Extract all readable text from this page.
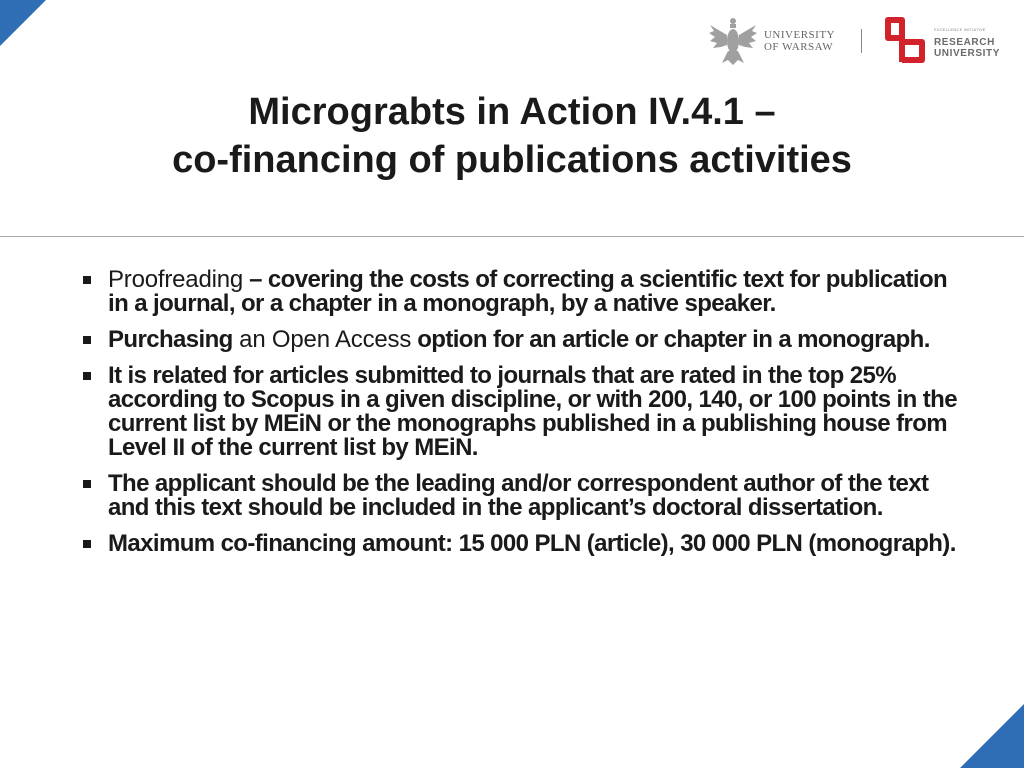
UNIVERSITY
OF WARSAW
EXCELLENCE INITIATIVE
RESEARCH
UNIVERSITY
Micrograbts in Action IV.4.1 –
co-financing of publications activities
Proofreading – covering the costs of correcting a scientific text for publication in a journal, or a chapter in a monograph, by a native speaker.
Purchasing an Open Access option for an article or chapter in a monograph.
It is related for articles submitted to journals that are rated in the top 25% according to Scopus in a given discipline, or with 200, 140, or 100 points in the current list by MEiN or the monographs published in a publishing house from Level II of the current list by MEiN.
The applicant should be the leading and/or correspondent author of the text and this text should be included in the applicant’s doctoral dissertation.
Maximum co-financing amount: 15 000 PLN (article), 30 000 PLN (monograph).
